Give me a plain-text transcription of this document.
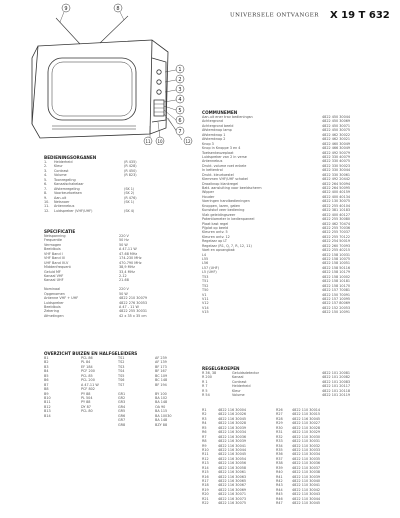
UNIVERSELE ONTVANGER X 19 T 632
9	8
1
2
3
4
5
6
7
10
11	12
COMMUNEMEN
Aan-uit ener trav bedieningsn	4822 450 30044
Achtergrond	4822 450 30069
Achtergrond beeld	4822 450 30071
Afstemknop lamp	4822 450 30075
Afstemknop 1	4822 462 30022
Afstemknop 2	4822 462 30021
Knop 3	4822 460 30049
Knop in Knoppe 3 en 4	4822 466 30049
Toetsenkeuzeplaat	4822 492 50079
Luidspreker van 2 in verse	4822 330 40079
Antennebus	4822 330 40075
Drukt. volume roet enkele	4822 330 50023
In kettentrol	4822 330 30044
Drukt. kleurtoestel	4822 330 30061
Klemmen VHF/UHF schakel	4822 492 20442
Draaiknop klankregel	4822 264 50094
Batt. aansluiting voor beeldscherm	4822 264 50095
Wipper	4822 400 40159
Houder	4822 400 40134
Voeringen handbedieningen	4822 130 30075
Knoppen, lazen, gaten	4822 255 40104
Kunststof veer bediening	4822 381 10183
Vlak geleidingsveer	4822 400 40127
Potentiometer in bedienpaneel	4822 255 30080
Plaat kast regel	4822 462 70474
Pijplat op beeld	4822 255 70036
Kleuren ontv. 5	4822 255 70037
Kleuren ontv. 12	4822 255 70122
Regelaar op LT	4822 254 50019
Regelaar (R1, Q, 7, R, 12, 11)	4822 260 70093
Voet en opvangbak	4822 255 40215
L4	4822 158 10031
L55	4822 158 10075
L56	4822 158 10051
L57 (UHF)	4822 158 50116
L5 (UHF)	4822 158 10179
T53	4822 158 10002
T51	4822 158 10181
T52	4822 158 10170
T50	4822 157 70081
V1	4822 150 70091
V11	4822 157 10095
V12	4822 157 80069
V14	4822 152 20053
V15	4822 150 10091
BEDIENINGSORGANEN
1.	Helderheid	(R 435)
2.	Kleur	(R 428)
3.	Contrast	(R 450)
4.	Volume	(R 823)
5.	Toonregeling
6.	Kanaalschakelaar
7.	Afstemregeling	(SK 1)
8.	Voorkeurtoetsen	(SK 2)
9.	Aan-uit	(R 476)
10.	Netsnoer	(SK 1)
11.	Antennebus
12.	Luidspreker (VHF/UHF)	(SK 4)
SPECIFICATIE
Netspanning	220 V
Frequentie	50 Hz
Vermogen	50 W
Beeldbuis	A 47-11 W
VHF Band I	47-68 MHz
VHF Band III	174-230 MHz
UHF Band IV-V	470-790 MHz
Middenfrequent	38,9 MHz
Geluid MF	33,4 MHz
Kanaal VHF	2-12
Kanaal UHF	21-68
Nominaal	220 V
Opgenomen	50 W
Antenne VHF + UHF	4822 210 30079
Luidspreker	4822 276 30053
Beeldbuis	A 47 - 11 W
Zekering	4822 255 30031
Afmetingen	42 x 35 x 35 cm
OVERZICHT BUIZEN EN HALFGELEIDERS
B1	PCL 86	TS1	AF 239
B2	PL 84	TS2	AF 139
B3	EF 184	TS3	BF 173
B4	PCF 200	TS4	BF 167
B5	PCL 85	TS5	BC 109
B6	PCL 200	TS6	BC 148
B7	A 47-11 W	TS7	BF 194
B8	PCF 802
B9	PY 88	GR1	BY 100
B10	PL 504	GR2	BA 102
B11	PY 88	GR3	BA 148
B12	DY 87	GR4	OA 90
B13	PCL 80	GR5	BA 115
B14	GR6	BA 10030
GR7	BA 148
GR8	BZY 88
REGELGROEPEN
R 36, 38	Geluidsdetector	4822 101 20081
R 200	Kanaal	4822 101 20082
R 1	Contrast	4822 101 20083
R 7	Helderheid	4822 101 20117
R 5	Kleur	4822 101 20118
R 54	Volume	4822 101 20119
R1	4822 116 30004	R26	4822 110 30014
R2	4822 116 20026	R27	4822 110 30015
R3	4822 116 30045	R28	4822 116 30045
R4	4822 116 30028	R29	4822 110 30027
R5	4822 116 30039	R30	4822 110 30028
R6	4822 116 30034	R31	4822 110 30029
R7	4822 116 30036	R32	4822 110 30030
R8	4822 116 30039	R33	4822 110 30031
R9	4822 116 30041	R34	4822 110 30032
R10	4822 116 30044	R35	4822 110 30033
R11	4822 116 30045	R36	4822 110 30034
R12	4822 116 30054	R37	4822 110 30035
R13	4822 116 30056	R38	4822 110 30036
R14	4822 116 30058	R39	4822 110 30037
R15	4822 116 30061	R40	4822 110 30038
R16	4822 116 30063	R41	4822 110 30039
R17	4822 116 30065	R42	4822 110 30040
R18	4822 116 30067	R43	4822 110 30041
R19	4822 116 30069	R44	4822 110 30042
R20	4822 116 30071	R45	4822 110 30043
R21	4822 116 30073	R46	4822 110 30044
R22	4822 116 30075	R47	4822 110 30045
